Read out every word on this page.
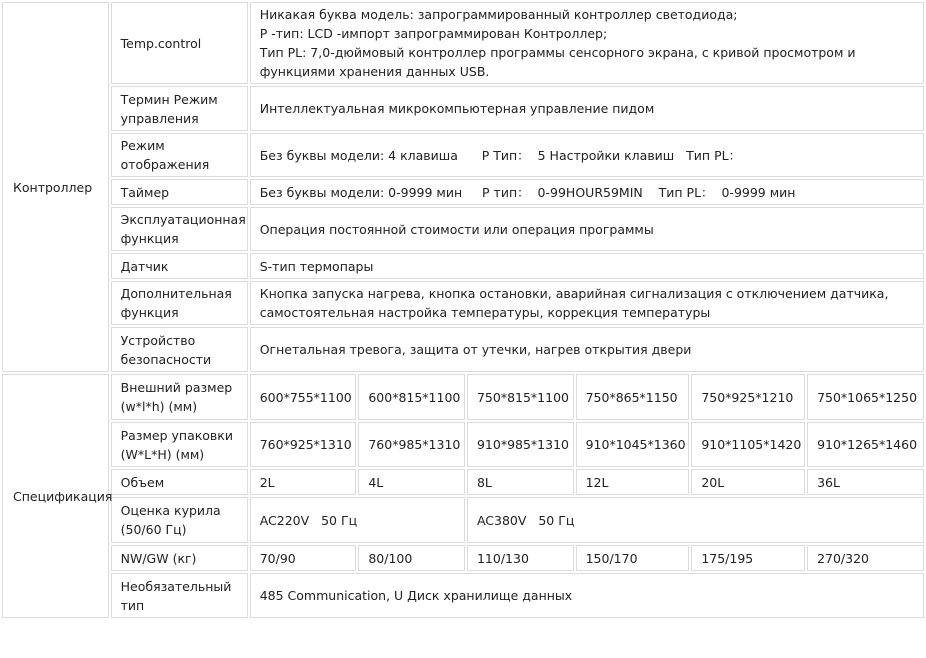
Контроллер	Temp.control	Никакая буква модель: запрограммированный контроллер светодиода;
P -тип: LCD -импорт запрограммирован Контроллер;
Тип PL: 7,0-дюймовый контроллер программы сенсорного экрана, с кривой просмотром и
функциями хранения данных USB.					

	Термин Режим управления	Интеллектуальная микрокомпьютерная управление пидом					
	Режим отображения	Без буквы модели: 4 клавиша      P Тип：  5 Настройки клавиш   Тип PL：					
	Таймер	Без буквы модели: 0-9999 мин     P тип：  0-99HOUR59MIN    Тип PL：  0-9999 мин					
	Эксплуатационная функция	Операция постоянной стоимости или операция программы					
	Датчик	S-тип термопары					
	Дополнительная функция	Кнопка запуска нагрева, кнопка остановки, аварийная сигнализация с отключением датчика,
самостоятельная настройка температуры, коррекция температуры					

	Устройство безопасности	Огнетальная тревога, защита от утечки, нагрев открытия двери					
Спецификация	Внешний размер (w*l*h) (мм)	600*755*1100	600*815*1100	750*815*1100	750*865*1150	750*925*1210	750*1065*1250
	Размер упаковки (W*L*H) (мм)	760*925*1310	760*985*1310	910*985*1310	910*1045*1360	910*1105*1420	910*1265*1460
	Объем	2L	4L	8L	12L	20L	36L
	Оценка курила (50/60 Гц)	AC220V   50 Гц		AC380V   50 Гц			
	NW/GW (кг)	70/90	80/100	110/130	150/170	175/195	270/320
	Необязательный тип	485 Communication, U Диск хранилище данных					
